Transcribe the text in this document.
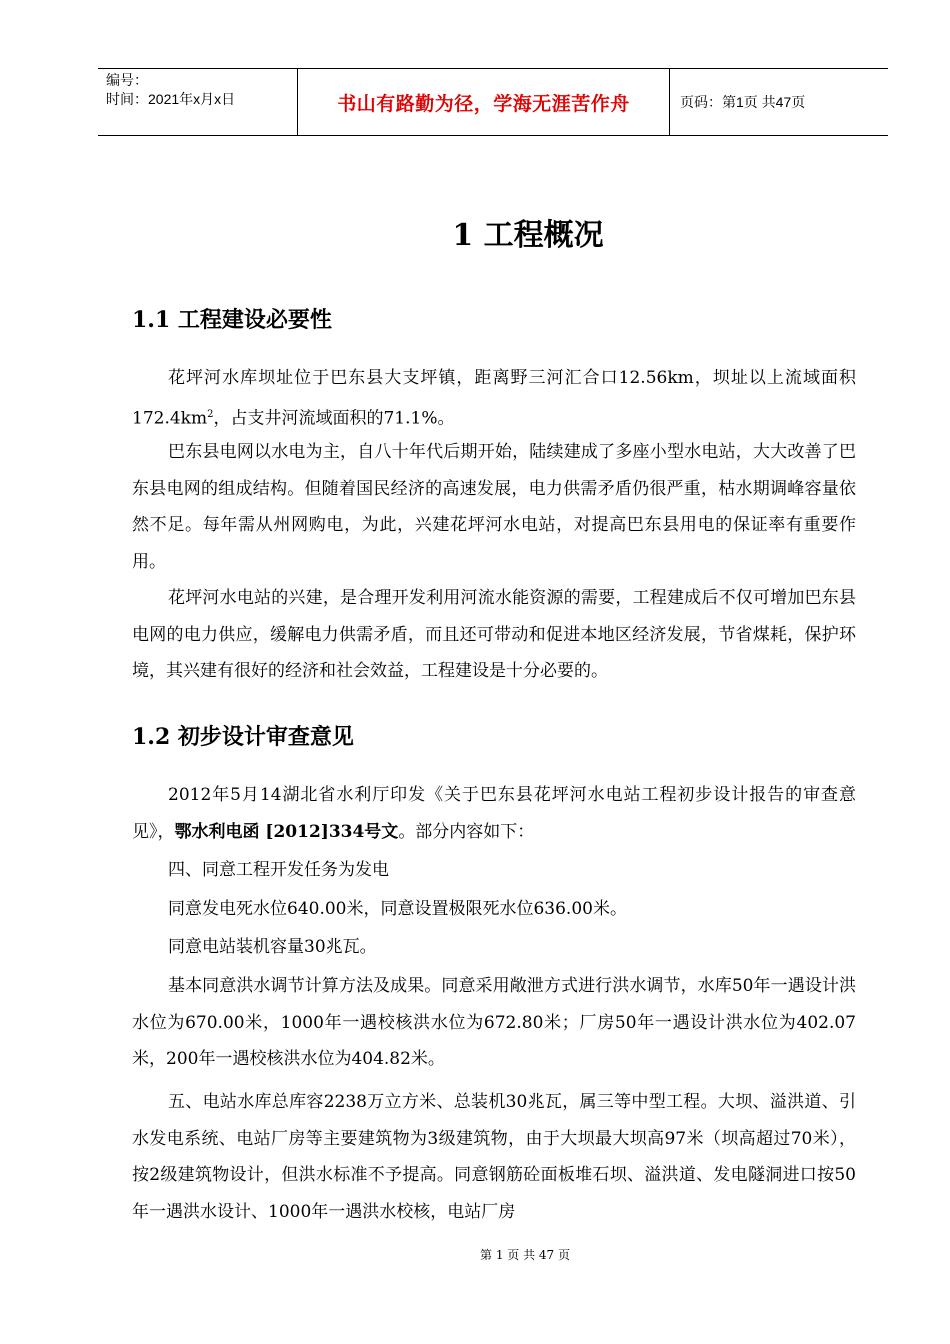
编号：
时间：2021年x月x日	书山有路勤为径，学海无涯苦作舟	页码：第1页 共47页
1 工程概况
1.1 工程建设必要性

花坪河水库坝址位于巴东县大支坪镇，距离野三河汇合口12.56km，坝址以上流域面积$172.4km^2$，占支井河流域面积的71.1%。

巴东县电网以水电为主，自八十年代后期开始，陆续建成了多座小型水电站，大大改善了巴东县电网的组成结构。但随着国民经济的高速发展，电力供需矛盾仍很严重，枯水期调峰容量依然不足。每年需从州网购电，为此，兴建花坪河水电站，对提高巴东县用电的保证率有重要作用。

花坪河水电站的兴建，是合理开发利用河流水能资源的需要，工程建成后不仅可增加巴东县电网的电力供应，缓解电力供需矛盾，而且还可带动和促进本地区经济发展，节省煤耗，保护环境，其兴建有很好的经济和社会效益，工程建设是十分必要的。

1.2 初步设计审查意见

2012年5月14湖北省水利厅印发《关于巴东县花坪河水电站工程初步设计报告的审查意见》，鄂水利电函 [2012]334号文。部分内容如下：

四、同意工程开发任务为发电

同意发电死水位640.00米，同意设置极限死水位636.00米。

同意电站装机容量30兆瓦。

基本同意洪水调节计算方法及成果。同意采用敞泄方式进行洪水调节，水库50年一遇设计洪水位为670.00米，1000年一遇校核洪水位为672.80米；厂房50年一遇设计洪水位为402.07米，200年一遇校核洪水位为404.82米。

五、电站水库总库容2238万立方米、总装机30兆瓦，属三等中型工程。大坝、溢洪道、引水发电系统、电站厂房等主要建筑物为3级建筑物，由于大坝最大坝高97米（坝高超过70米），按2级建筑物设计，但洪水标准不予提高。同意钢筋砼面板堆石坝、溢洪道、发电隧洞进口按50年一遇洪水设计、1000年一遇洪水校核，电站厂房

第 1 页 共 47 页
